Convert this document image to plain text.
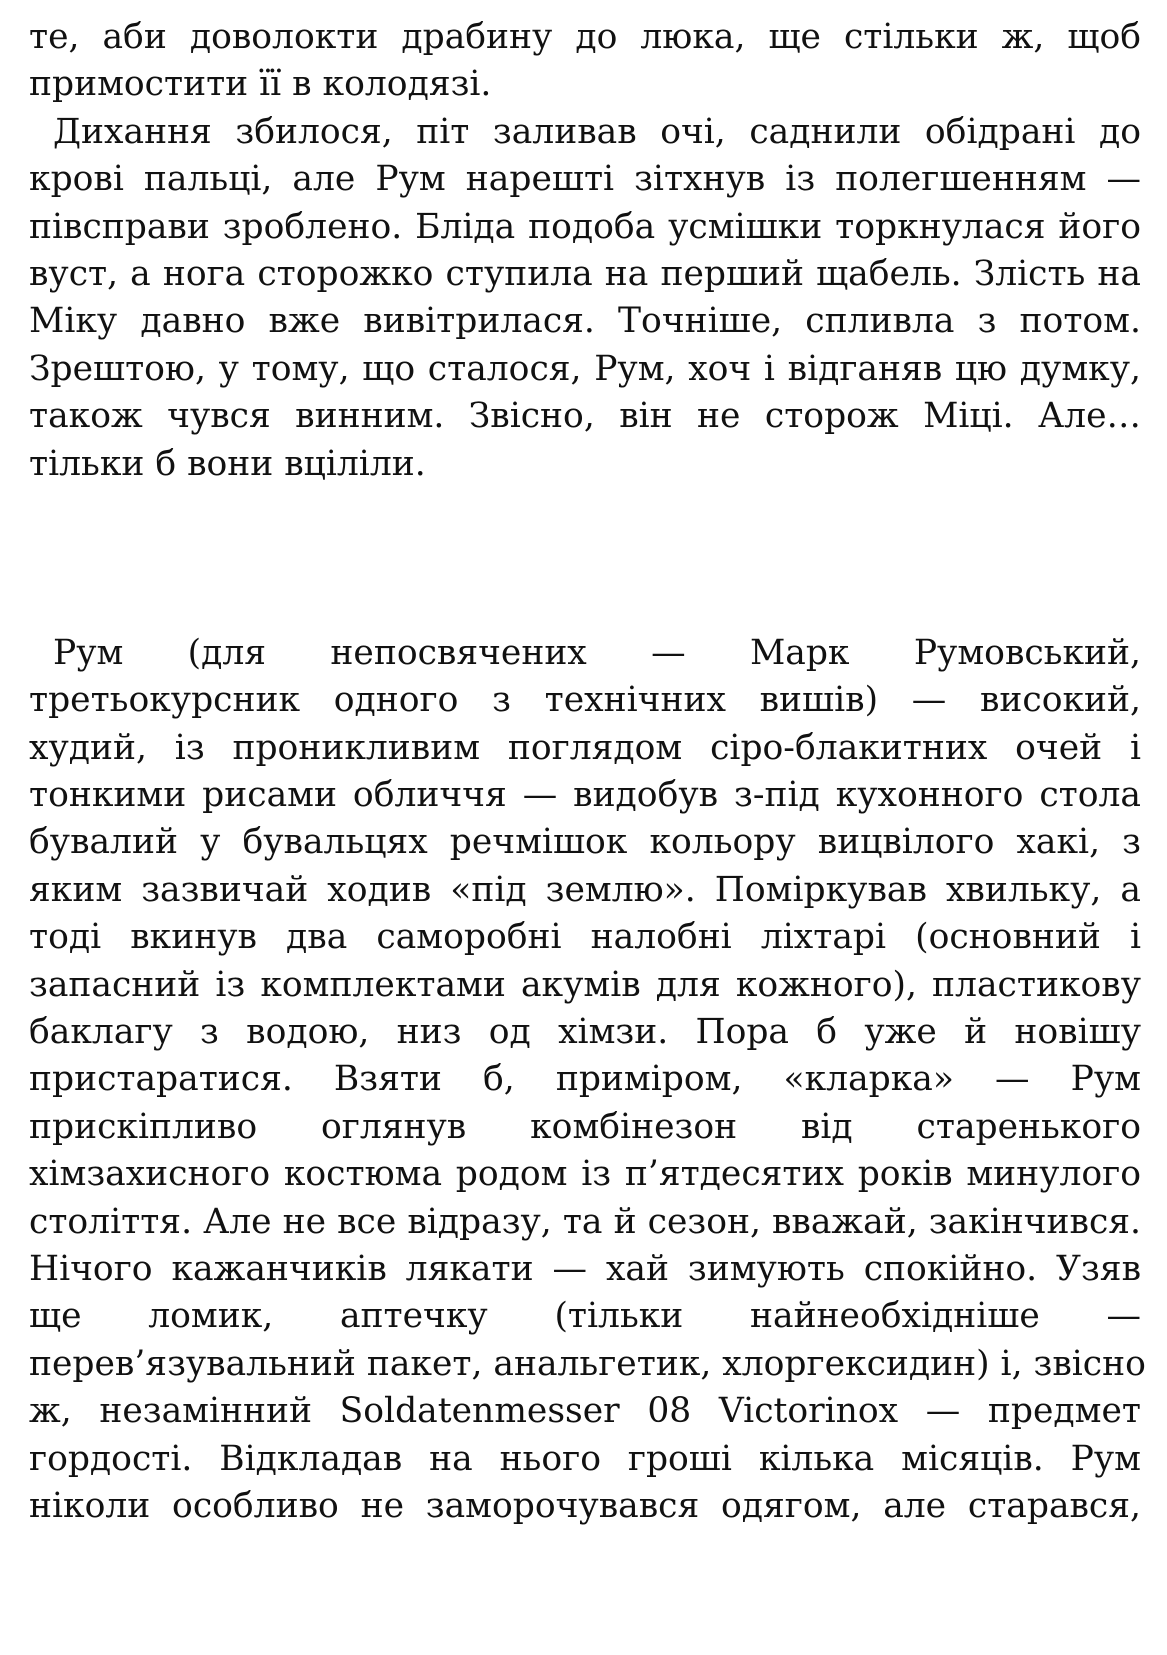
те, аби доволокти драбину до люка, ще стільки ж, щоб
примостити її в колодязі.
Дихання збилося, піт заливав очі, саднили обідрані до
крові пальці, але Рум нарешті зітхнув із полегшенням —
півсправи зроблено. Бліда подоба усмішки торкнулася його
вуст, а нога сторожко ступила на перший щабель. Злість на
Міку давно вже вивітрилася. Точніше, спливла з потом.
Зрештою, у тому, що сталося, Рум, хоч і відганяв цю думку,
також чувся винним. Звісно, він не сторож Міці. Але…
тільки б вони вціліли.
Рум (для непосвячених — Марк Румовський,
третьокурсник одного з технічних вишів) — високий,
худий, із проникливим поглядом сіро-блакитних очей і
тонкими рисами обличчя — видобув з-під кухонного стола
бувалий у бувальцях речмішок кольору вицвілого хакі, з
яким зазвичай ходив «під землю». Поміркував хвильку, а
тоді вкинув два саморобні налобні ліхтарі (основний і
запасний із комплектами акумів для кожного), пластикову
баклагу з водою, низ од хімзи. Пора б уже й новішу
пристаратися. Взяти б, приміром, «кларка» — Рум
прискіпливо оглянув комбінезон від старенького
хімзахисного костюма родом із п’ятдесятих років минулого
століття. Але не все відразу, та й сезон, вважай, закінчився.
Нічого кажанчиків лякати — хай зимують спокійно. Узяв
ще ломик, аптечку (тільки найнеобхідніше —
перев’язувальний пакет, анальгетик, хлоргексидин) і, звісно
ж, незамінний Soldatenmesser 08 Victorinox — предмет
гордості. Відкладав на нього гроші кілька місяців. Рум
ніколи особливо не заморочувався одягом, але старався,
